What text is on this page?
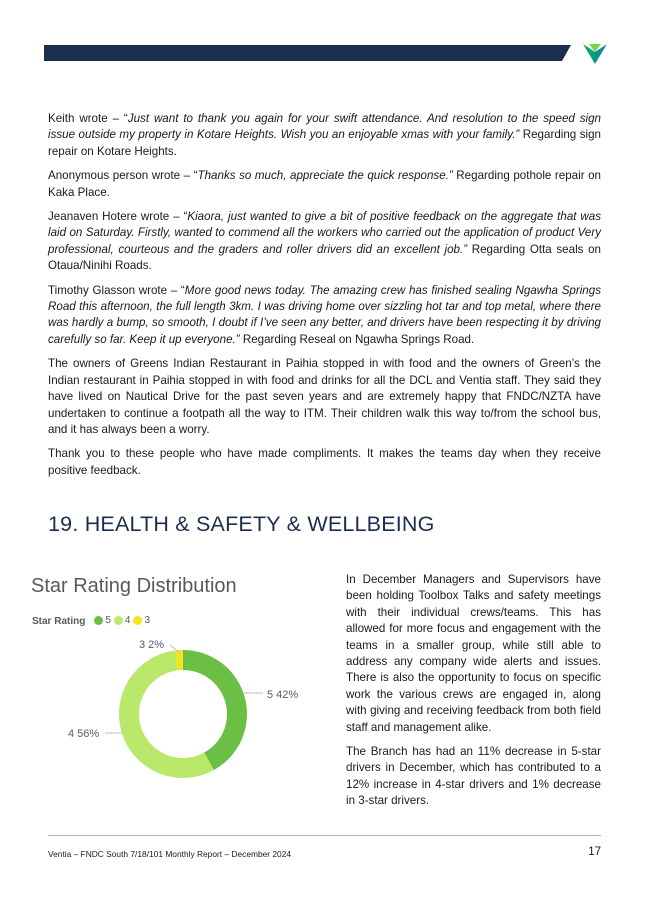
Keith wrote – “Just want to thank you again for your swift attendance. And resolution to the speed sign issue outside my property in Kotare Heights. Wish you an enjoyable xmas with your family.” Regarding sign repair on Kotare Heights.

Anonymous person wrote – “Thanks so much, appreciate the quick response.” Regarding pothole repair on Kaka Place.

Jeanaven Hotere wrote – “Kiaora, just wanted to give a bit of positive feedback on the aggregate that was laid on Saturday. Firstly, wanted to commend all the workers who carried out the application of product Very professional, courteous and the graders and roller drivers did an excellent job.” Regarding Otta seals on Otaua/Ninihi Roads.

Timothy Glasson wrote – “More good news today. The amazing crew has finished sealing Ngawha Springs Road this afternoon, the full length 3km. I was driving home over sizzling hot tar and top metal, where there was hardly a bump, so smooth, I doubt if I’ve seen any better, and drivers have been respecting it by driving carefully so far. Keep it up everyone.” Regarding Reseal on Ngawha Springs Road.

The owners of Greens Indian Restaurant in Paihia stopped in with food and the owners of Green’s the Indian restaurant in Paihia stopped in with food and drinks for all the DCL and Ventia staff. They said they have lived on Nautical Drive for the past seven years and are extremely happy that FNDC/NZTA have undertaken to continue a footpath all the way to ITM. Their children walk this way to/from the school bus, and it has always been a worry.

Thank you to these people who have made compliments. It makes the teams day when they receive positive feedback.

19. HEALTH & SAFETY & WELLBEING
Star Rating Distribution
Star Rating 5 4 3
5 42%
4 56%
3 2%

In December Managers and Supervisors have been holding Toolbox Talks and safety meetings with their individual crews/teams. This has allowed for more focus and engagement with the teams in a smaller group, while still able to address any company wide alerts and issues. There is also the opportunity to focus on specific work the various crews are engaged in, along with giving and receiving feedback from both field staff and management alike.

The Branch has had an 11% decrease in 5-star drivers in December, which has contributed to a 12% increase in 4-star drivers and 1% decrease in 3-star drivers.

Ventia – FNDC South 7/18/101 Monthly Report – December 2024	17
